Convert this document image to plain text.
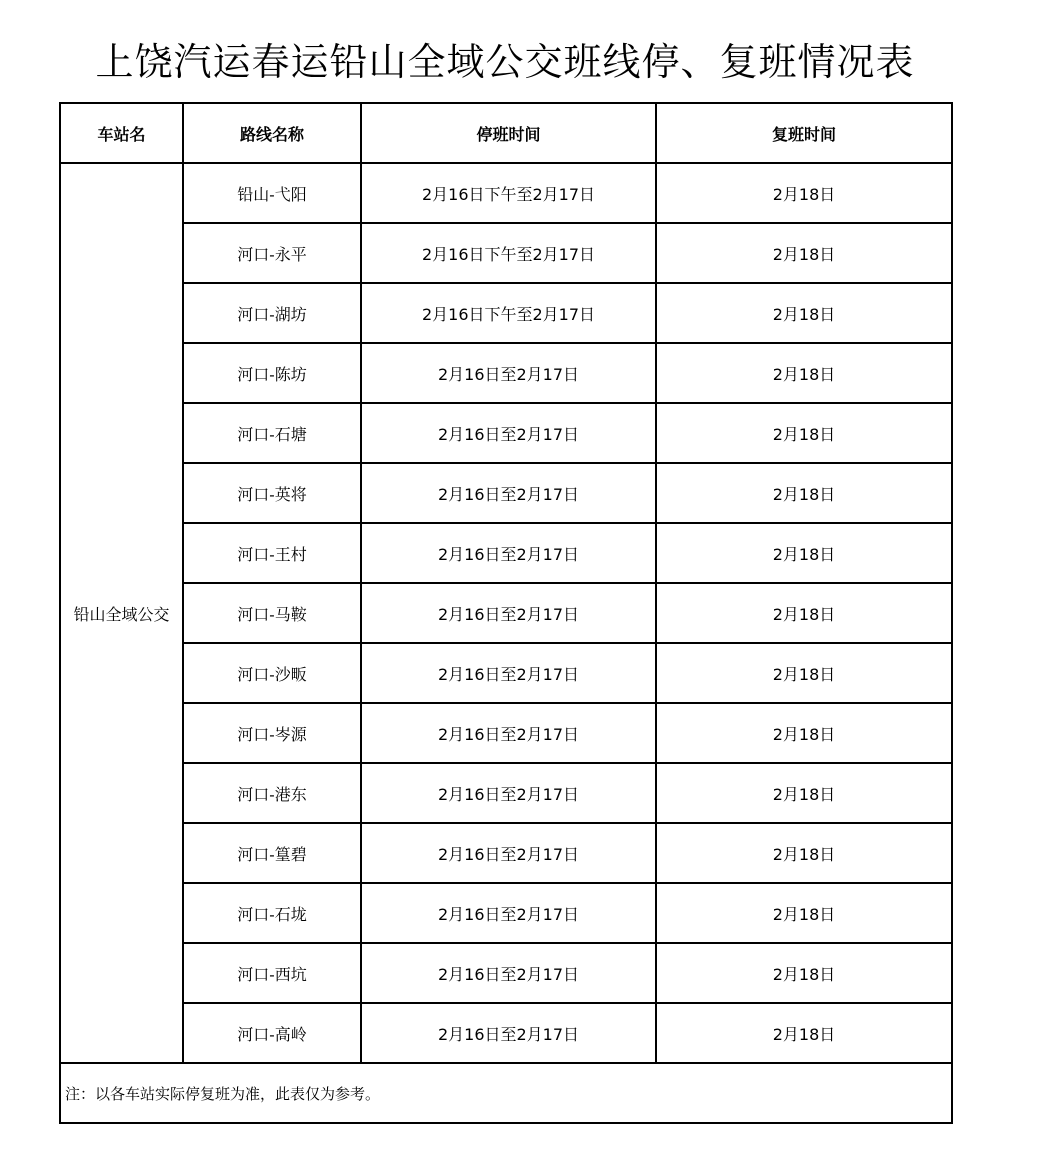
上饶汽运春运铅山全域公交班线停、复班情况表
车站名	路线名称	停班时间	复班时间
铅山全域公交	铅山-弋阳	2月16日下午至2月17日	2月18日
	河口-永平	2月16日下午至2月17日	2月18日
	河口-湖坊	2月16日下午至2月17日	2月18日
	河口-陈坊	2月16日至2月17日	2月18日
	河口-石塘	2月16日至2月17日	2月18日
	河口-英将	2月16日至2月17日	2月18日
	河口-王村	2月16日至2月17日	2月18日
	河口-马鞍	2月16日至2月17日	2月18日
	河口-沙畈	2月16日至2月17日	2月18日
	河口-岑源	2月16日至2月17日	2月18日
	河口-港东	2月16日至2月17日	2月18日
	河口-篁碧	2月16日至2月17日	2月18日
	河口-石垅	2月16日至2月17日	2月18日
	河口-西坑	2月16日至2月17日	2月18日
	河口-高岭	2月16日至2月17日	2月18日
注：以各车站实际停复班为准，此表仅为参考。			
